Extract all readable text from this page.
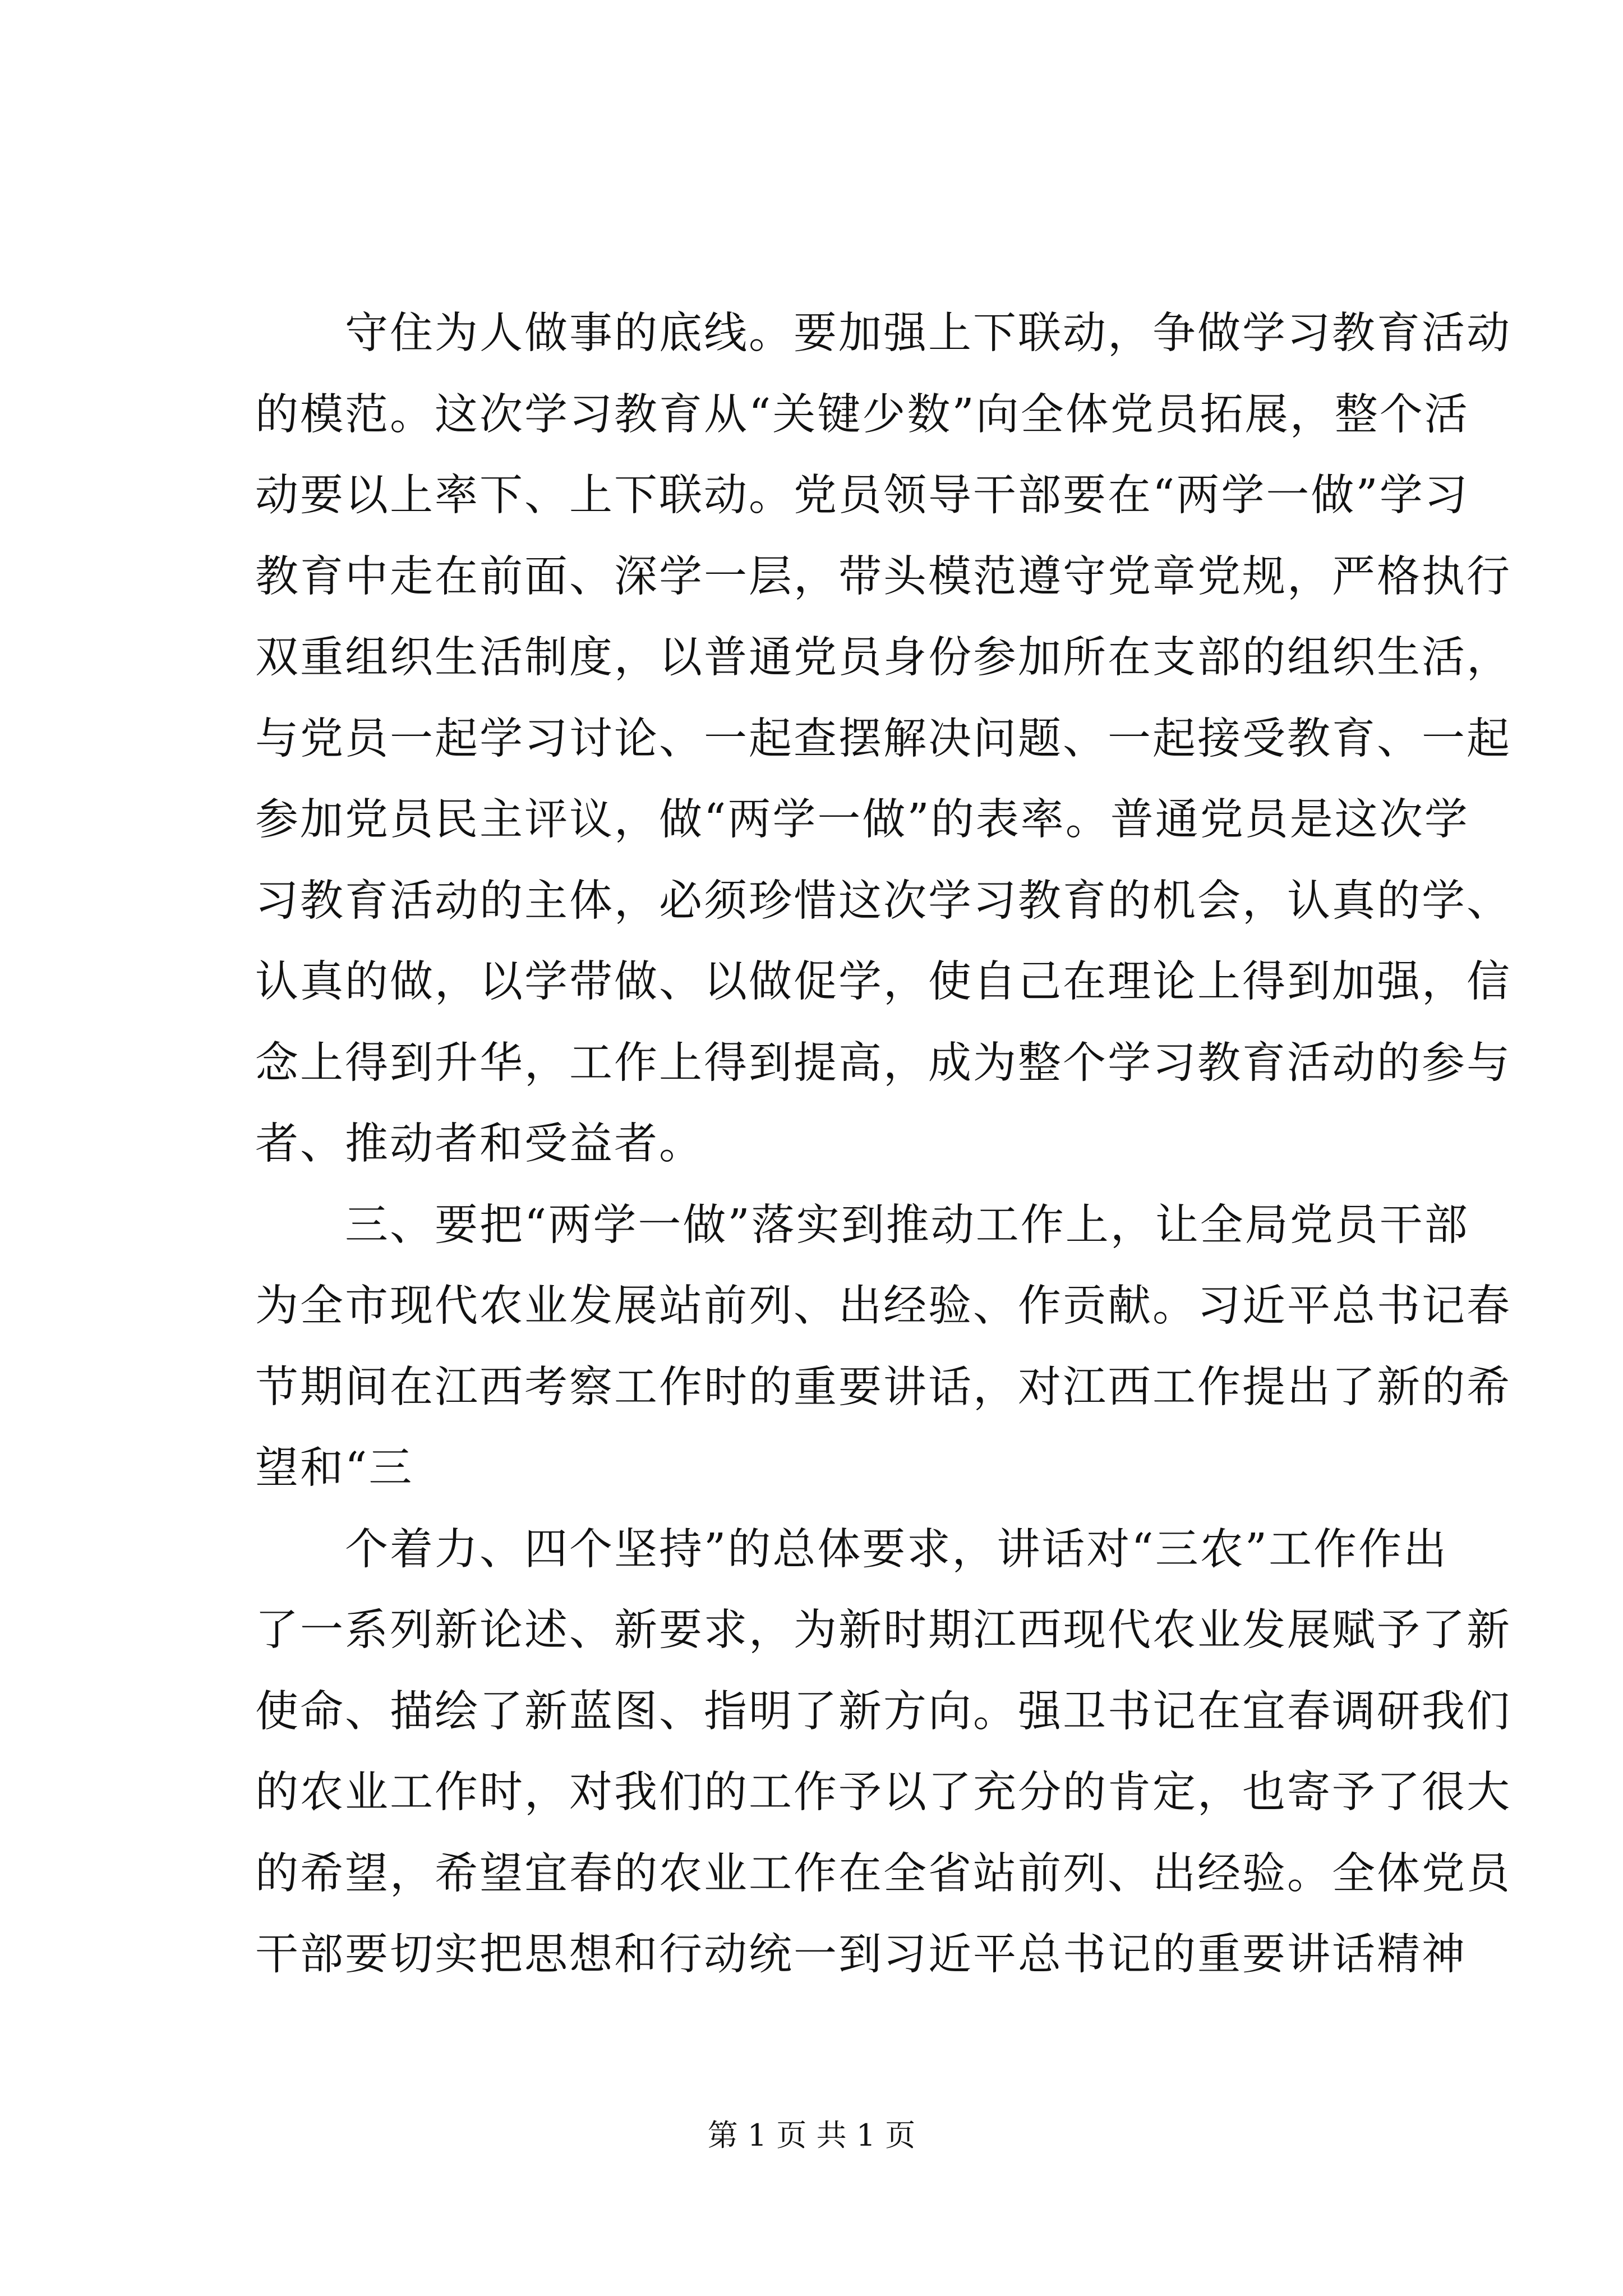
守住为人做事的底线。要加强上下联动，争做学习教育活动
的模范。这次学习教育从“关键少数”向全体党员拓展，整个活
动要以上率下、上下联动。党员领导干部要在“两学一做”学习
教育中走在前面、深学一层，带头模范遵守党章党规，严格执行
双重组织生活制度，以普通党员身份参加所在支部的组织生活，
与党员一起学习讨论、一起查摆解决问题、一起接受教育、一起
参加党员民主评议，做“两学一做”的表率。普通党员是这次学
习教育活动的主体，必须珍惜这次学习教育的机会，认真的学、
认真的做，以学带做、以做促学，使自己在理论上得到加强，信
念上得到升华，工作上得到提高，成为整个学习教育活动的参与
者、推动者和受益者。
三、要把“两学一做”落实到推动工作上，让全局党员干部
为全市现代农业发展站前列、出经验、作贡献。习近平总书记春
节期间在江西考察工作时的重要讲话，对江西工作提出了新的希
望和“三
个着力、四个坚持”的总体要求，讲话对“三农”工作作出
了一系列新论述、新要求，为新时期江西现代农业发展赋予了新
使命、描绘了新蓝图、指明了新方向。强卫书记在宜春调研我们
的农业工作时，对我们的工作予以了充分的肯定，也寄予了很大
的希望，希望宜春的农业工作在全省站前列、出经验。全体党员
干部要切实把思想和行动统一到习近平总书记的重要讲话精神
第 1 页 共 1 页
